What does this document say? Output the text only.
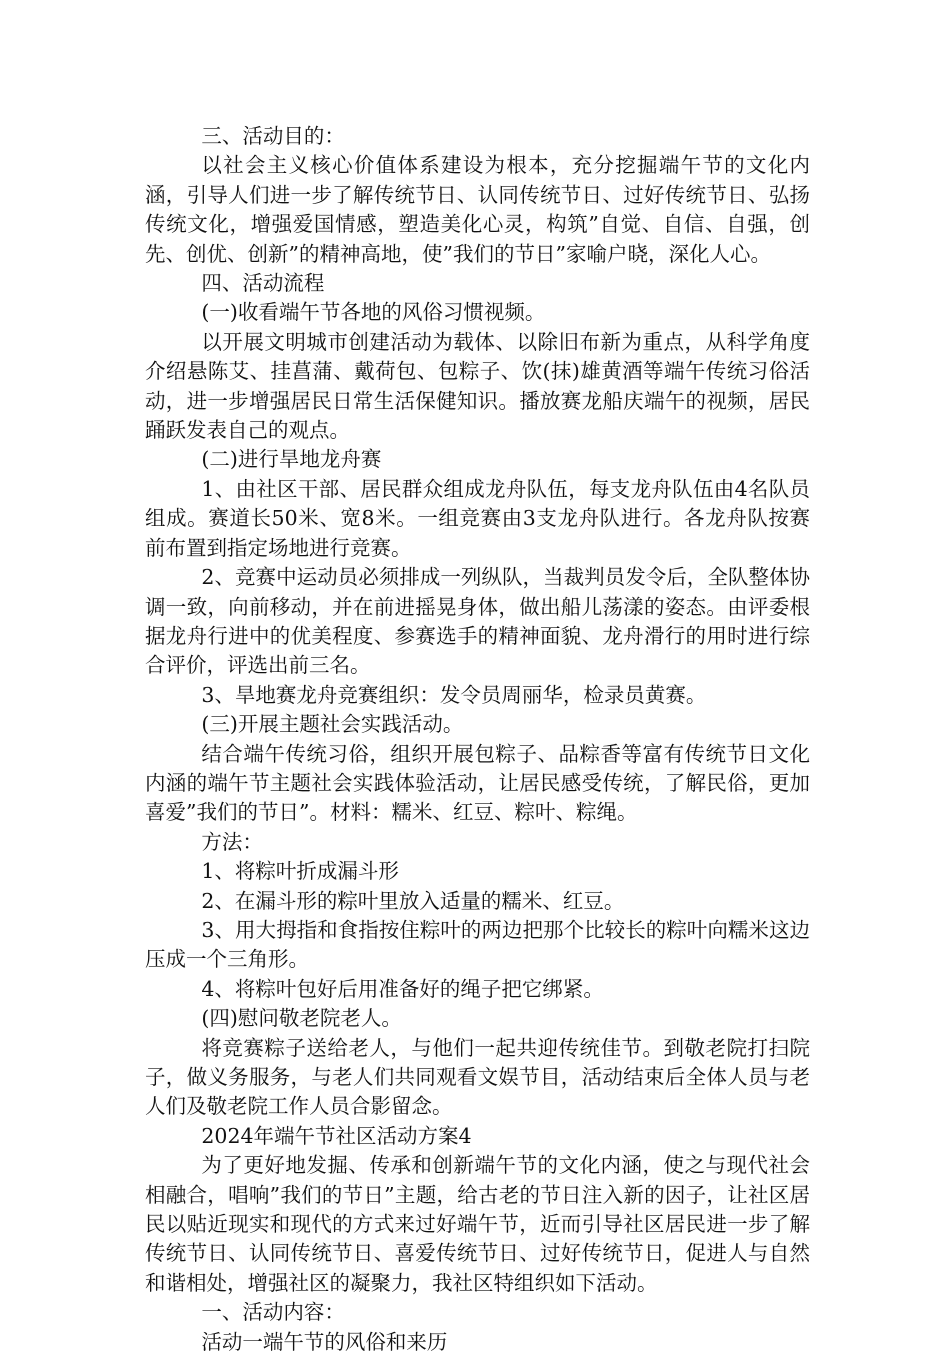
三、活动目的：

以社会主义核心价值体系建设为根本，充分挖掘端午节的文化内涵，引导人们进一步了解传统节日、认同传统节日、过好传统节日、弘扬传统文化，增强爱国情感，塑造美化心灵，构筑”自觉、自信、自强，创先、创优、创新”的精神高地，使”我们的节日”家喻户晓，深化人心。

四、活动流程

(一)收看端午节各地的风俗习惯视频。

以开展文明城市创建活动为载体、以除旧布新为重点，从科学角度介绍悬陈艾、挂菖蒲、戴荷包、包粽子、饮(抹)雄黄酒等端午传统习俗活动，进一步增强居民日常生活保健知识。播放赛龙船庆端午的视频，居民踊跃发表自己的观点。

(二)进行旱地龙舟赛

1、由社区干部、居民群众组成龙舟队伍，每支龙舟队伍由4名队员组成。赛道长50米、宽8米。一组竞赛由3支龙舟队进行。各龙舟队按赛前布置到指定场地进行竞赛。

2、竞赛中运动员必须排成一列纵队，当裁判员发令后，全队整体协调一致，向前移动，并在前进摇晃身体，做出船儿荡漾的姿态。由评委根据龙舟行进中的优美程度、参赛选手的精神面貌、龙舟滑行的用时进行综合评价，评选出前三名。

3、旱地赛龙舟竞赛组织：发令员周丽华，检录员黄赛。

(三)开展主题社会实践活动。

结合端午传统习俗，组织开展包粽子、品粽香等富有传统节日文化内涵的端午节主题社会实践体验活动，让居民感受传统，了解民俗，更加喜爱”我们的节日”。材料：糯米、红豆、粽叶、粽绳。

方法：

1、将粽叶折成漏斗形

2、在漏斗形的粽叶里放入适量的糯米、红豆。

3、用大拇指和食指按住粽叶的两边把那个比较长的粽叶向糯米这边压成一个三角形。

4、将粽叶包好后用准备好的绳子把它绑紧。

(四)慰问敬老院老人。

将竞赛粽子送给老人，与他们一起共迎传统佳节。到敬老院打扫院子，做义务服务，与老人们共同观看文娱节目，活动结束后全体人员与老人们及敬老院工作人员合影留念。

2024年端午节社区活动方案4

为了更好地发掘、传承和创新端午节的文化内涵，使之与现代社会相融合，唱响”我们的节日”主题，给古老的节日注入新的因子，让社区居民以贴近现实和现代的方式来过好端午节，近而引导社区居民进一步了解传统节日、认同传统节日、喜爱传统节日、过好传统节日，促进人与自然和谐相处，增强社区的凝聚力，我社区特组织如下活动。

一、活动内容：

活动一端午节的风俗和来历
